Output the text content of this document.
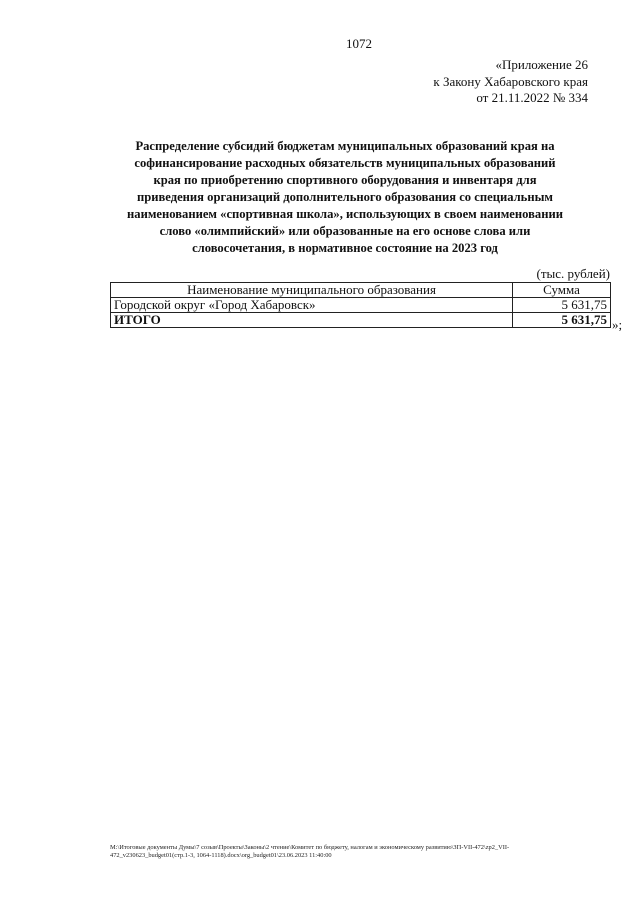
1072
«Приложение 26
к Закону Хабаровского края
от 21.11.2022 № 334
Распределение субсидий бюджетам муниципальных образований края на
софинансирование расходных обязательств муниципальных образований
края по приобретению спортивного оборудования и инвентаря для
приведения организаций дополнительного образования со специальным
наименованием «спортивная школа», использующих в своем наименовании
слово «олимпийский» или образованные на его основе слова или
словосочетания, в нормативное состояние на 2023 год
(тыс. рублей)
Наименование муниципального образования	Сумма
Городской округ «Город Хабаровск»	5 631,75
ИТОГО	5 631,75 »;
M:\Итоговые документы Думы\7 созыв\Проекты\Законы\2 чтение\Комитет по бюджету, налогам и экономическому развитию\ЗП-VII-472\zp2_VII-
472_v230623_budget01(стр.1-3, 1064-1118).docx\org_budget01\23.06.2023 11:40:00
